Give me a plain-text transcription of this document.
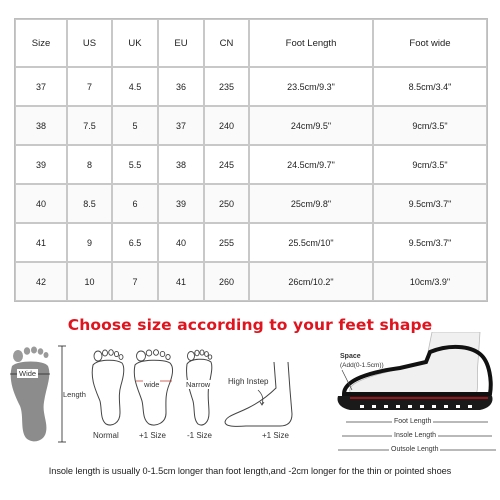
Size	US	UK	EU	CN	Foot Length	Foot wide
37	7	4.5	36	235	23.5cm/9.3"	8.5cm/3.4"
38	7.5	5	37	240	24cm/9.5"	9cm/3.5"
39	8	5.5	38	245	24.5cm/9.7"	9cm/3.5"
40	8.5	6	39	250	25cm/9.8"	9.5cm/3.7"
41	9	6.5	40	255	25.5cm/10"	9.5cm/3.7"
42	10	7	41	260	26cm/10.2"	10cm/3.9"
Choose size according to your feet shape
Wide
Length
Normal
wide
+1 Size
Narrow
-1 Size
High Instep
+1 Size
Space
(Add(0-1.5cm))
Foot Length
Insole Length
Outsole Length
Insole length is usually 0-1.5cm longer than foot length,and -2cm longer for the thin or pointed shoes
